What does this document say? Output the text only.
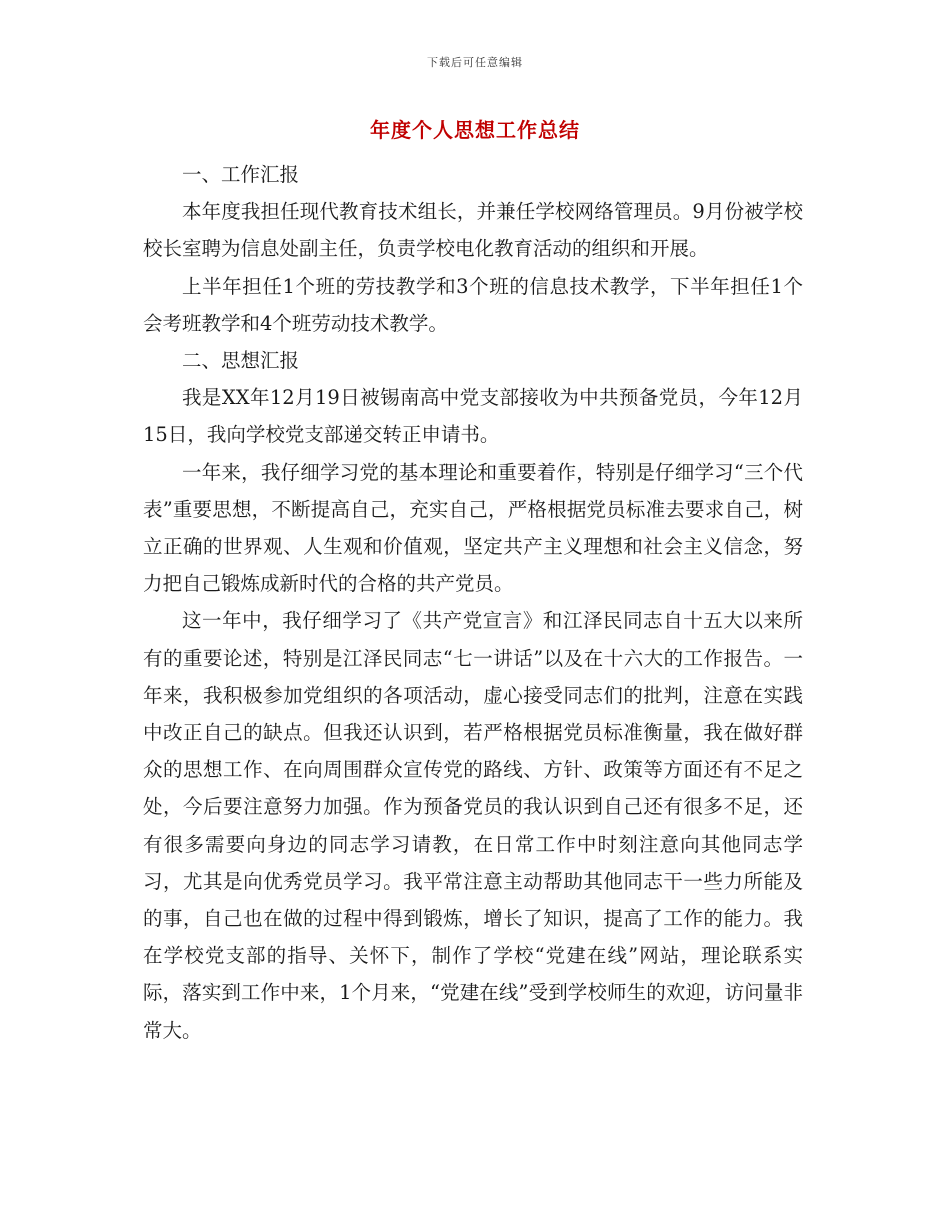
下载后可任意编辑
年度个人思想工作总结

一、工作汇报

本年度我担任现代教育技术组长，并兼任学校网络管理员。9月份被学校校长室聘为信息处副主任，负责学校电化教育活动的组织和开展。

上半年担任1个班的劳技教学和3个班的信息技术教学，下半年担任1个会考班教学和4个班劳动技术教学。

二、思想汇报

我是XX年12月19日被锡南高中党支部接收为中共预备党员，今年12月15日，我向学校党支部递交转正申请书。

一年来，我仔细学习党的基本理论和重要着作，特别是仔细学习“三个代表”重要思想，不断提高自己，充实自己，严格根据党员标准去要求自己，树立正确的世界观、人生观和价值观，坚定共产主义理想和社会主义信念，努力把自己锻炼成新时代的合格的共产党员。

这一年中，我仔细学习了《共产党宣言》和江泽民同志自十五大以来所有的重要论述，特别是江泽民同志“七一讲话”以及在十六大的工作报告。一年来，我积极参加党组织的各项活动，虚心接受同志们的批判，注意在实践中改正自己的缺点。但我还认识到，若严格根据党员标准衡量，我在做好群众的思想工作、在向周围群众宣传党的路线、方针、政策等方面还有不足之处，今后要注意努力加强。作为预备党员的我认识到自己还有很多不足，还有很多需要向身边的同志学习请教，在日常工作中时刻注意向其他同志学习，尤其是向优秀党员学习。我平常注意主动帮助其他同志干一些力所能及的事，自己也在做的过程中得到锻炼，增长了知识，提高了工作的能力。我在学校党支部的指导、关怀下，制作了学校“党建在线”网站，理论联系实际，落实到工作中来，1个月来，“党建在线”受到学校师生的欢迎，访问量非常大。
